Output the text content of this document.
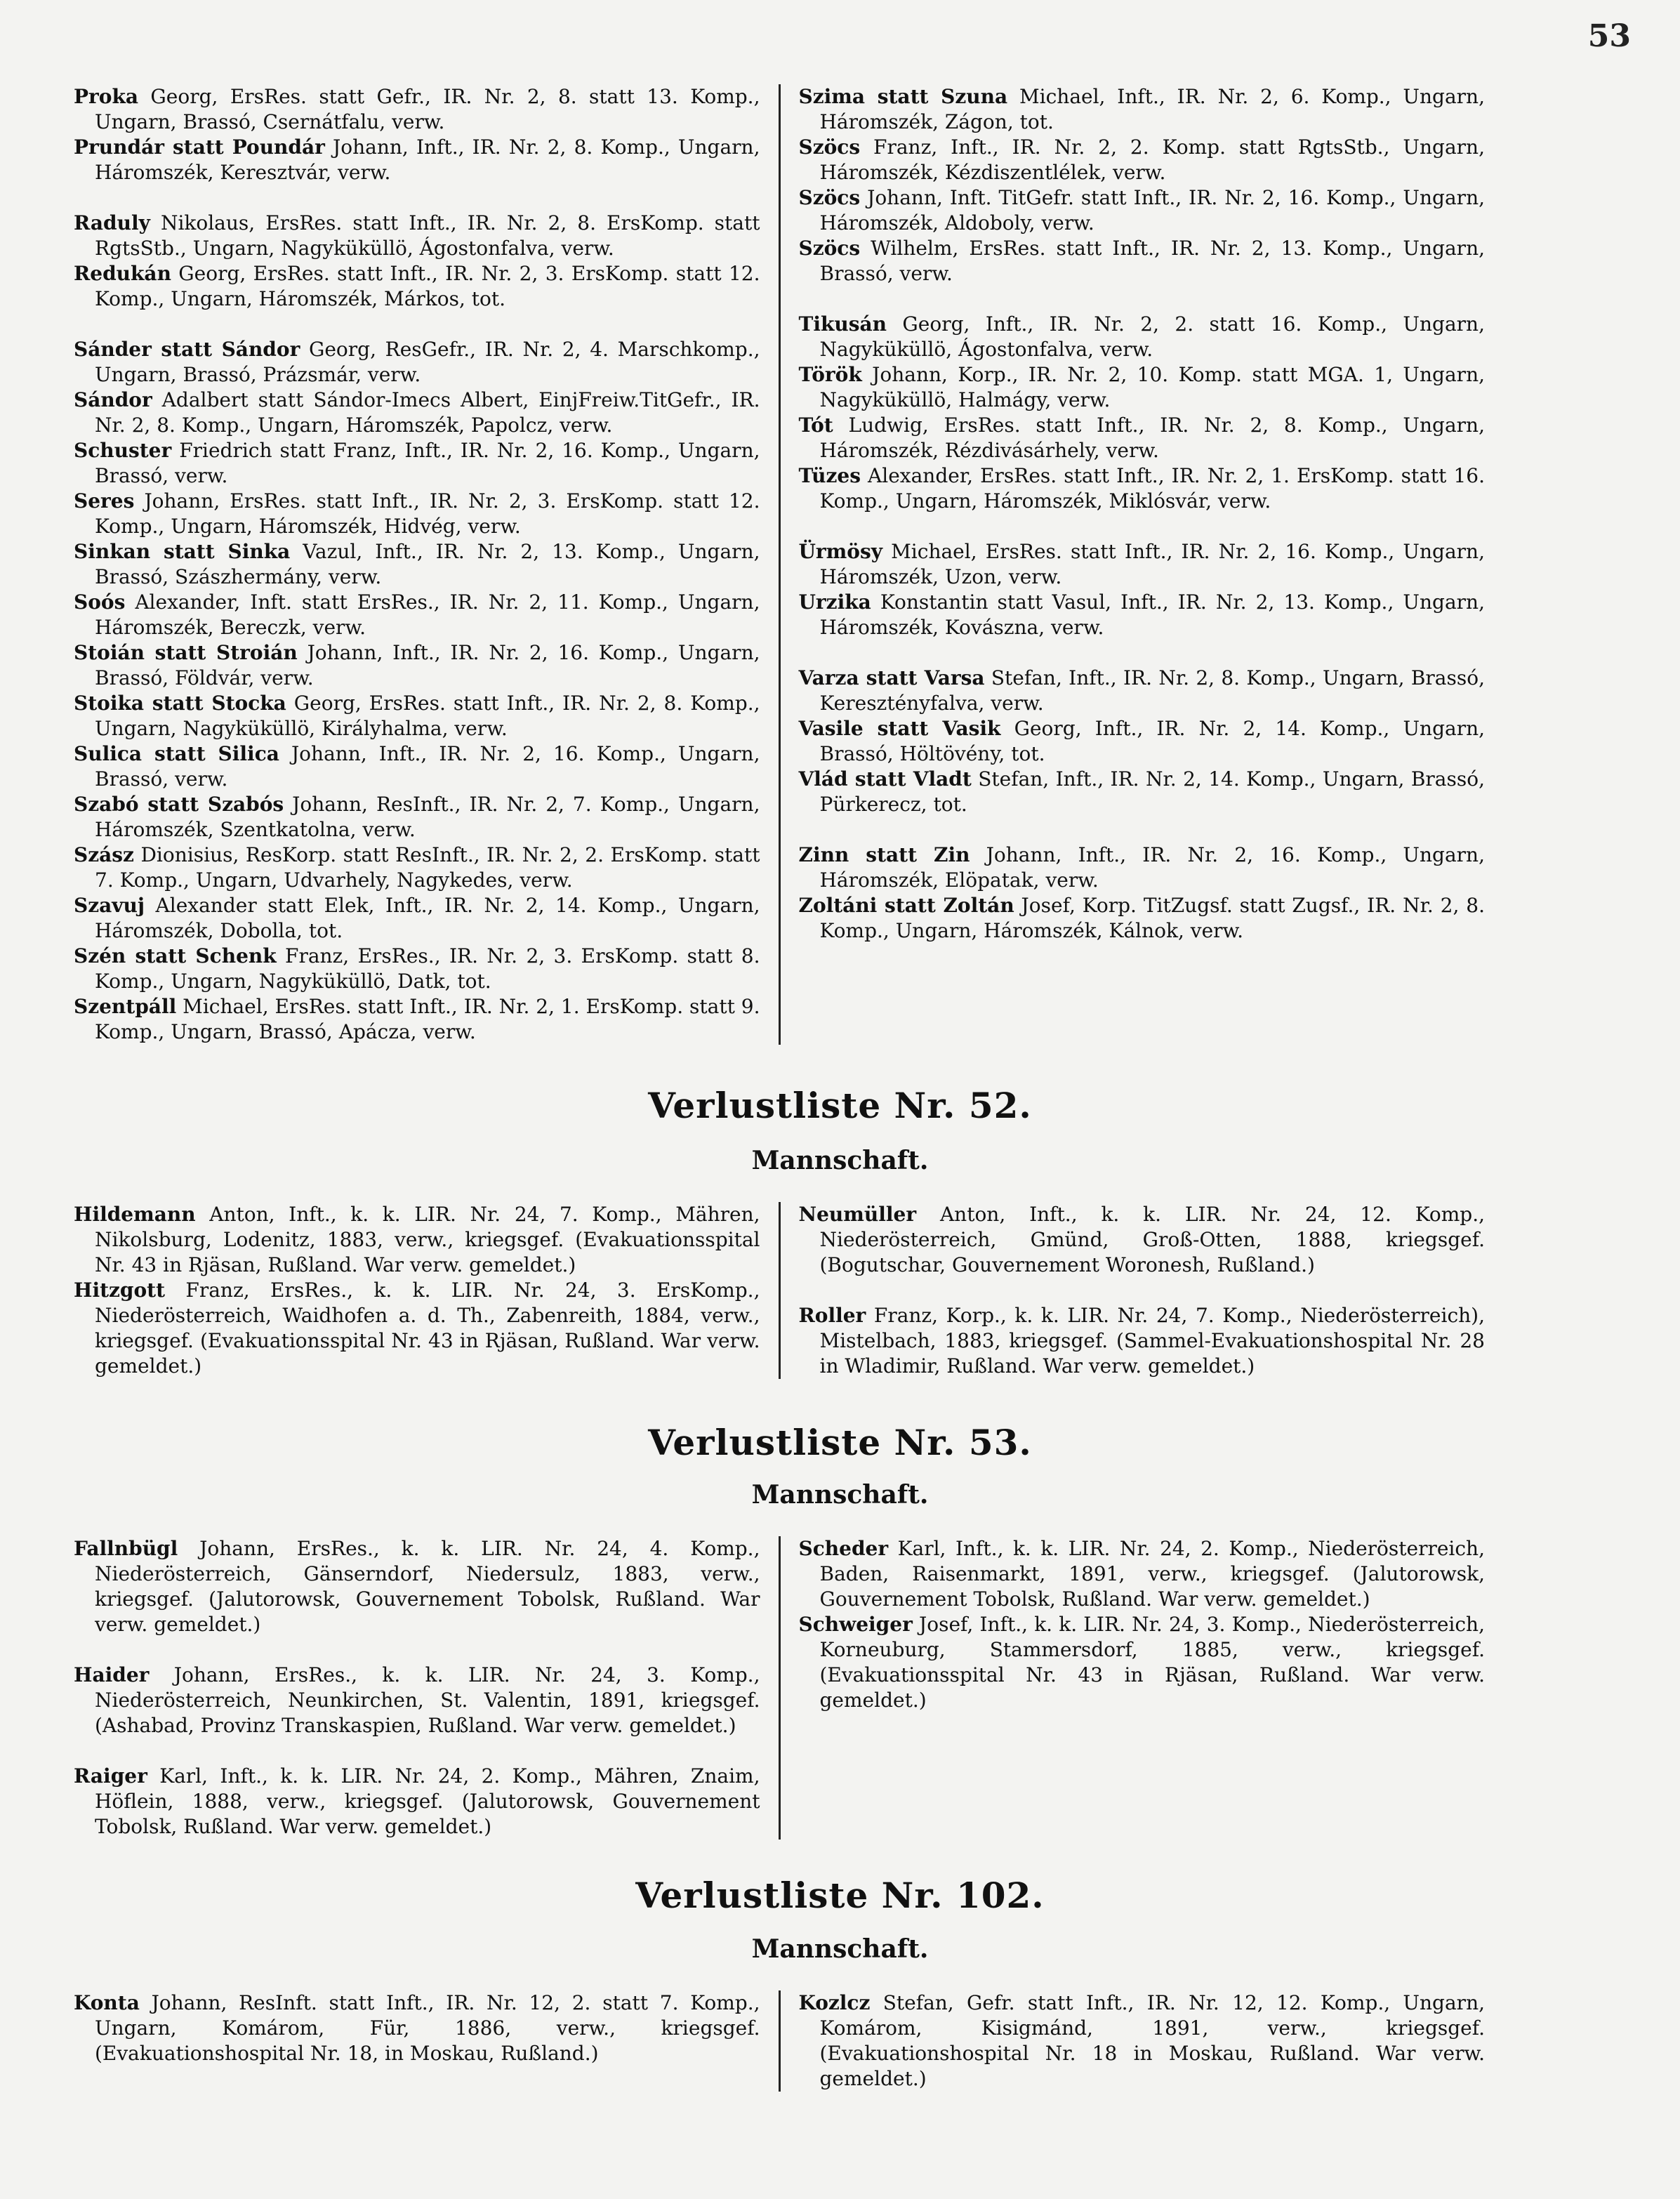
53
Proka Georg, ErsRes. statt Gefr., IR. Nr. 2, 8. statt 13. Komp., Ungarn, Brassó, Csernátfalu, verw.
Prundár statt Poundár Johann, Inft., IR. Nr. 2, 8. Komp., Ungarn, Háromszék, Keresztvár, verw.
Raduly Nikolaus, ErsRes. statt Inft., IR. Nr. 2, 8. ErsKomp. statt RgtsStb., Ungarn, Nagyküküllö, Ágostonfalva, verw.
Redukán Georg, ErsRes. statt Inft., IR. Nr. 2, 3. ErsKomp. statt 12. Komp., Ungarn, Háromszék, Márkos, tot.
Sánder statt Sándor Georg, ResGefr., IR. Nr. 2, 4. Marschkomp., Ungarn, Brassó, Prázsmár, verw.
Sándor Adalbert statt Sándor-Imecs Albert, EinjFreiw.TitGefr., IR. Nr. 2, 8. Komp., Ungarn, Háromszék, Papolcz, verw.
Schuster Friedrich statt Franz, Inft., IR. Nr. 2, 16. Komp., Ungarn, Brassó, verw.
Seres Johann, ErsRes. statt Inft., IR. Nr. 2, 3. ErsKomp. statt 12. Komp., Ungarn, Háromszék, Hidvég, verw.
Sinkan statt Sinka Vazul, Inft., IR. Nr. 2, 13. Komp., Ungarn, Brassó, Szászhermány, verw.
Soós Alexander, Inft. statt ErsRes., IR. Nr. 2, 11. Komp., Ungarn, Háromszék, Bereczk, verw.
Stoián statt Stroián Johann, Inft., IR. Nr. 2, 16. Komp., Ungarn, Brassó, Földvár, verw.
Stoika statt Stocka Georg, ErsRes. statt Inft., IR. Nr. 2, 8. Komp., Ungarn, Nagyküküllö, Királyhalma, verw.
Sulica statt Silica Johann, Inft., IR. Nr. 2, 16. Komp., Ungarn, Brassó, verw.
Szabó statt Szabós Johann, ResInft., IR. Nr. 2, 7. Komp., Ungarn, Háromszék, Szentkatolna, verw.
Szász Dionisius, ResKorp. statt ResInft., IR. Nr. 2, 2. ErsKomp. statt 7. Komp., Ungarn, Udvarhely, Nagykedes, verw.
Szavuj Alexander statt Elek, Inft., IR. Nr. 2, 14. Komp., Ungarn, Háromszék, Dobolla, tot.
Szén statt Schenk Franz, ErsRes., IR. Nr. 2, 3. ErsKomp. statt 8. Komp., Ungarn, Nagyküküllö, Datk, tot.
Szentpáll Michael, ErsRes. statt Inft., IR. Nr. 2, 1. ErsKomp. statt 9. Komp., Ungarn, Brassó, Apácza, verw.
Szima statt Szuna Michael, Inft., IR. Nr. 2, 6. Komp., Ungarn, Háromszék, Zágon, tot.
Szöcs Franz, Inft., IR. Nr. 2, 2. Komp. statt RgtsStb., Ungarn, Háromszék, Kézdiszentlélek, verw.
Szöcs Johann, Inft. TitGefr. statt Inft., IR. Nr. 2, 16. Komp., Ungarn, Háromszék, Aldoboly, verw.
Szöcs Wilhelm, ErsRes. statt Inft., IR. Nr. 2, 13. Komp., Ungarn, Brassó, verw.
Tikusán Georg, Inft., IR. Nr. 2, 2. statt 16. Komp., Ungarn, Nagyküküllö, Ágostonfalva, verw.
Török Johann, Korp., IR. Nr. 2, 10. Komp. statt MGA. 1, Ungarn, Nagyküküllö, Halmágy, verw.
Tót Ludwig, ErsRes. statt Inft., IR. Nr. 2, 8. Komp., Ungarn, Háromszék, Rézdivásárhely, verw.
Tüzes Alexander, ErsRes. statt Inft., IR. Nr. 2, 1. ErsKomp. statt 16. Komp., Ungarn, Háromszék, Miklósvár, verw.
Ürmösy Michael, ErsRes. statt Inft., IR. Nr. 2, 16. Komp., Ungarn, Háromszék, Uzon, verw.
Urzika Konstantin statt Vasul, Inft., IR. Nr. 2, 13. Komp., Ungarn, Háromszék, Kovászna, verw.
Varza statt Varsa Stefan, Inft., IR. Nr. 2, 8. Komp., Ungarn, Brassó, Keresztényfalva, verw.
Vasile statt Vasik Georg, Inft., IR. Nr. 2, 14. Komp., Ungarn, Brassó, Höltövény, tot.
Vlád statt Vladt Stefan, Inft., IR. Nr. 2, 14. Komp., Ungarn, Brassó, Pürkerecz, tot.
Zinn statt Zin Johann, Inft., IR. Nr. 2, 16. Komp., Ungarn, Háromszék, Elöpatak, verw.
Zoltáni statt Zoltán Josef, Korp. TitZugsf. statt Zugsf., IR. Nr. 2, 8. Komp., Ungarn, Háromszék, Kálnok, verw.
Verlustliste Nr. 52.
Mannschaft.
Hildemann Anton, Inft., k. k. LIR. Nr. 24, 7. Komp., Mähren, Nikolsburg, Lodenitz, 1883, verw., kriegsgef. (Evakuationsspital Nr. 43 in Rjäsan, Rußland. War verw. gemeldet.)
Hitzgott Franz, ErsRes., k. k. LIR. Nr. 24, 3. ErsKomp., Niederösterreich, Waidhofen a. d. Th., Zabenreith, 1884, verw., kriegsgef. (Evakuationsspital Nr. 43 in Rjäsan, Rußland. War verw. gemeldet.)
Neumüller Anton, Inft., k. k. LIR. Nr. 24, 12. Komp., Niederösterreich, Gmünd, Groß-Otten, 1888, kriegsgef. (Bogutschar, Gouvernement Woronesh, Rußland.)
Roller Franz, Korp., k. k. LIR. Nr. 24, 7. Komp., Niederösterreich), Mistelbach, 1883, kriegsgef. (Sammel-Evakuationshospital Nr. 28 in Wladimir, Rußland. War verw. gemeldet.)
Verlustliste Nr. 53.
Mannschaft.
Fallnbügl Johann, ErsRes., k. k. LIR. Nr. 24, 4. Komp., Niederösterreich, Gänserndorf, Niedersulz, 1883, verw., kriegsgef. (Jalutorowsk, Gouvernement Tobolsk, Rußland. War verw. gemeldet.)
Haider Johann, ErsRes., k. k. LIR. Nr. 24, 3. Komp., Niederösterreich, Neunkirchen, St. Valentin, 1891, kriegsgef. (Ashabad, Provinz Transkaspien, Rußland. War verw. gemeldet.)
Raiger Karl, Inft., k. k. LIR. Nr. 24, 2. Komp., Mähren, Znaim, Höflein, 1888, verw., kriegsgef. (Jalutorowsk, Gouvernement Tobolsk, Rußland. War verw. gemeldet.)
Scheder Karl, Inft., k. k. LIR. Nr. 24, 2. Komp., Niederösterreich, Baden, Raisenmarkt, 1891, verw., kriegsgef. (Jalutorowsk, Gouvernement Tobolsk, Rußland. War verw. gemeldet.)
Schweiger Josef, Inft., k. k. LIR. Nr. 24, 3. Komp., Niederösterreich, Korneuburg, Stammersdorf, 1885, verw., kriegsgef. (Evakuationsspital Nr. 43 in Rjäsan, Rußland. War verw. gemeldet.)
Verlustliste Nr. 102.
Mannschaft.
Konta Johann, ResInft. statt Inft., IR. Nr. 12, 2. statt 7. Komp., Ungarn, Komárom, Für, 1886, verw., kriegsgef. (Evakuationshospital Nr. 18, in Moskau, Rußland.)
Kozlcz Stefan, Gefr. statt Inft., IR. Nr. 12, 12. Komp., Ungarn, Komárom, Kisigmánd, 1891, verw., kriegsgef. (Evakuationshospital Nr. 18 in Moskau, Rußland. War verw. gemeldet.)
